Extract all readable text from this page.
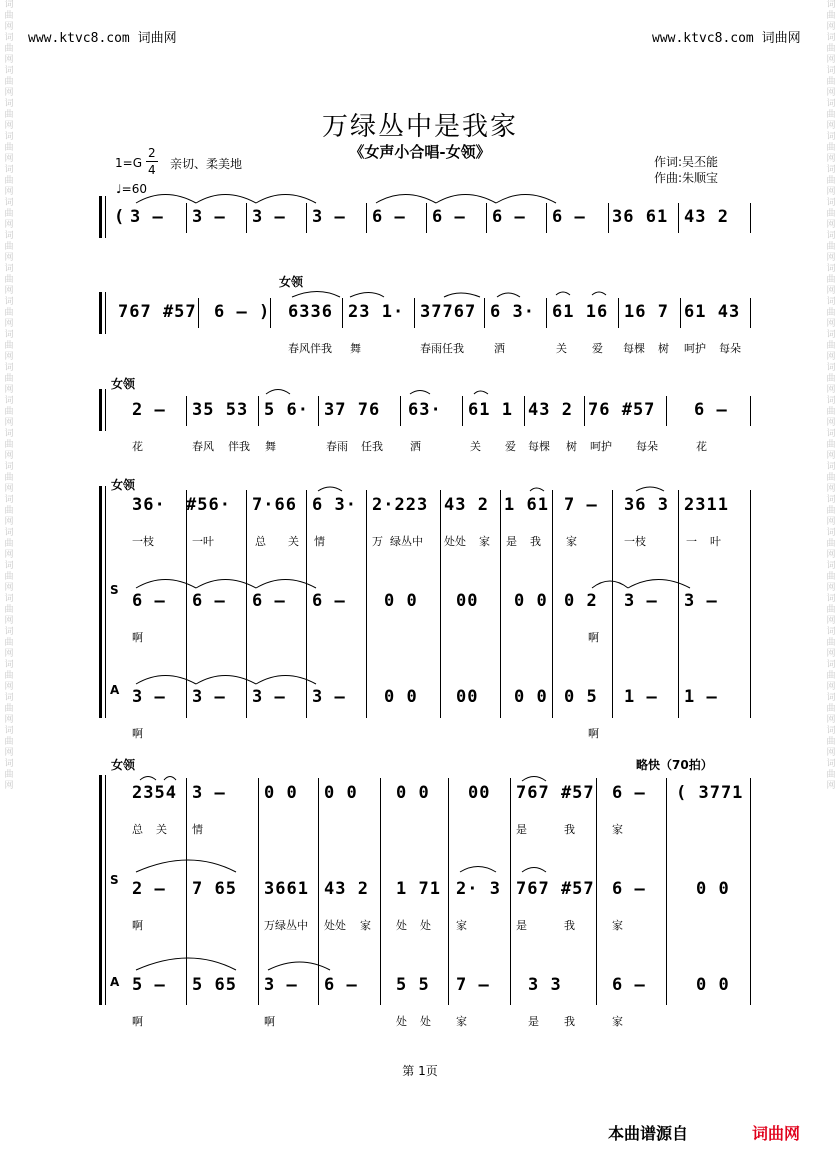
词曲网词曲网词曲网词曲网词曲网词曲网词曲网词曲网词曲网词曲网词曲网词曲网词曲网词曲网词曲网词曲网词曲网词曲网词曲网词曲网词曲网词曲网词曲网词曲网
词曲网词曲网词曲网词曲网词曲网词曲网词曲网词曲网词曲网词曲网词曲网词曲网词曲网词曲网词曲网词曲网词曲网词曲网词曲网词曲网词曲网词曲网词曲网词曲网
www.ktvc8.com 词曲网	www.ktvc8.com 词曲网
万绿丛中是我家
《女声小合唱-女领》
1=G
2
4 亲切、柔美地
♩=60
作词:吴丕能
作曲:朱顺宝
( 3 – 3 – 3 – 3 – 6 – 6 – 6 – 6 – 36 61 43 2
女领
767 #57 6 – ) 6336 23 1· 37767 6 3· 61 16 16 7 61 43
春风伴我 舞	春雨任我	洒	关 爱 每棵 树 呵护 每朵
女领
2 – 35 53 5 6· 37 76 63· 61 1 43 2 76 #57 6 –
花	春风 伴我 舞	春雨 任我 洒	关 爱 每棵 树 呵护 每朵	花
女领
S
A
36· #56· 7·66 6 3· 2·223 43 2 1 61 7 – 36 3 2311
一枝	一叶	总 关 情	万 绿丛中 处处 家 是 我 家	一枝	一 叶
6 – 6 – 6 – 6 – 0 0 00 0 0 0 2 3 – 3 –
啊	啊
3 – 3 – 3 – 3 – 0 0 00 0 0 0 5 1 – 1 –
啊	啊
女领	略快（70拍）
S
A
2354 3 – 0 0 0 0 0 0 00 767 #57 6 – ( 3771
总 关 情	是	我	家
2 – 7 65 3661 43 2 1 71 2· 3 767 #57 6 –	0 0
啊	万绿丛中 处处 家 处 处 家	是	我	家
5 – 5 65 3 – 6 – 5 5 7 – 3 3	6 –	0 0
啊	啊	处 处 家	是 我	家
第 1页
本曲谱源自	词曲网
